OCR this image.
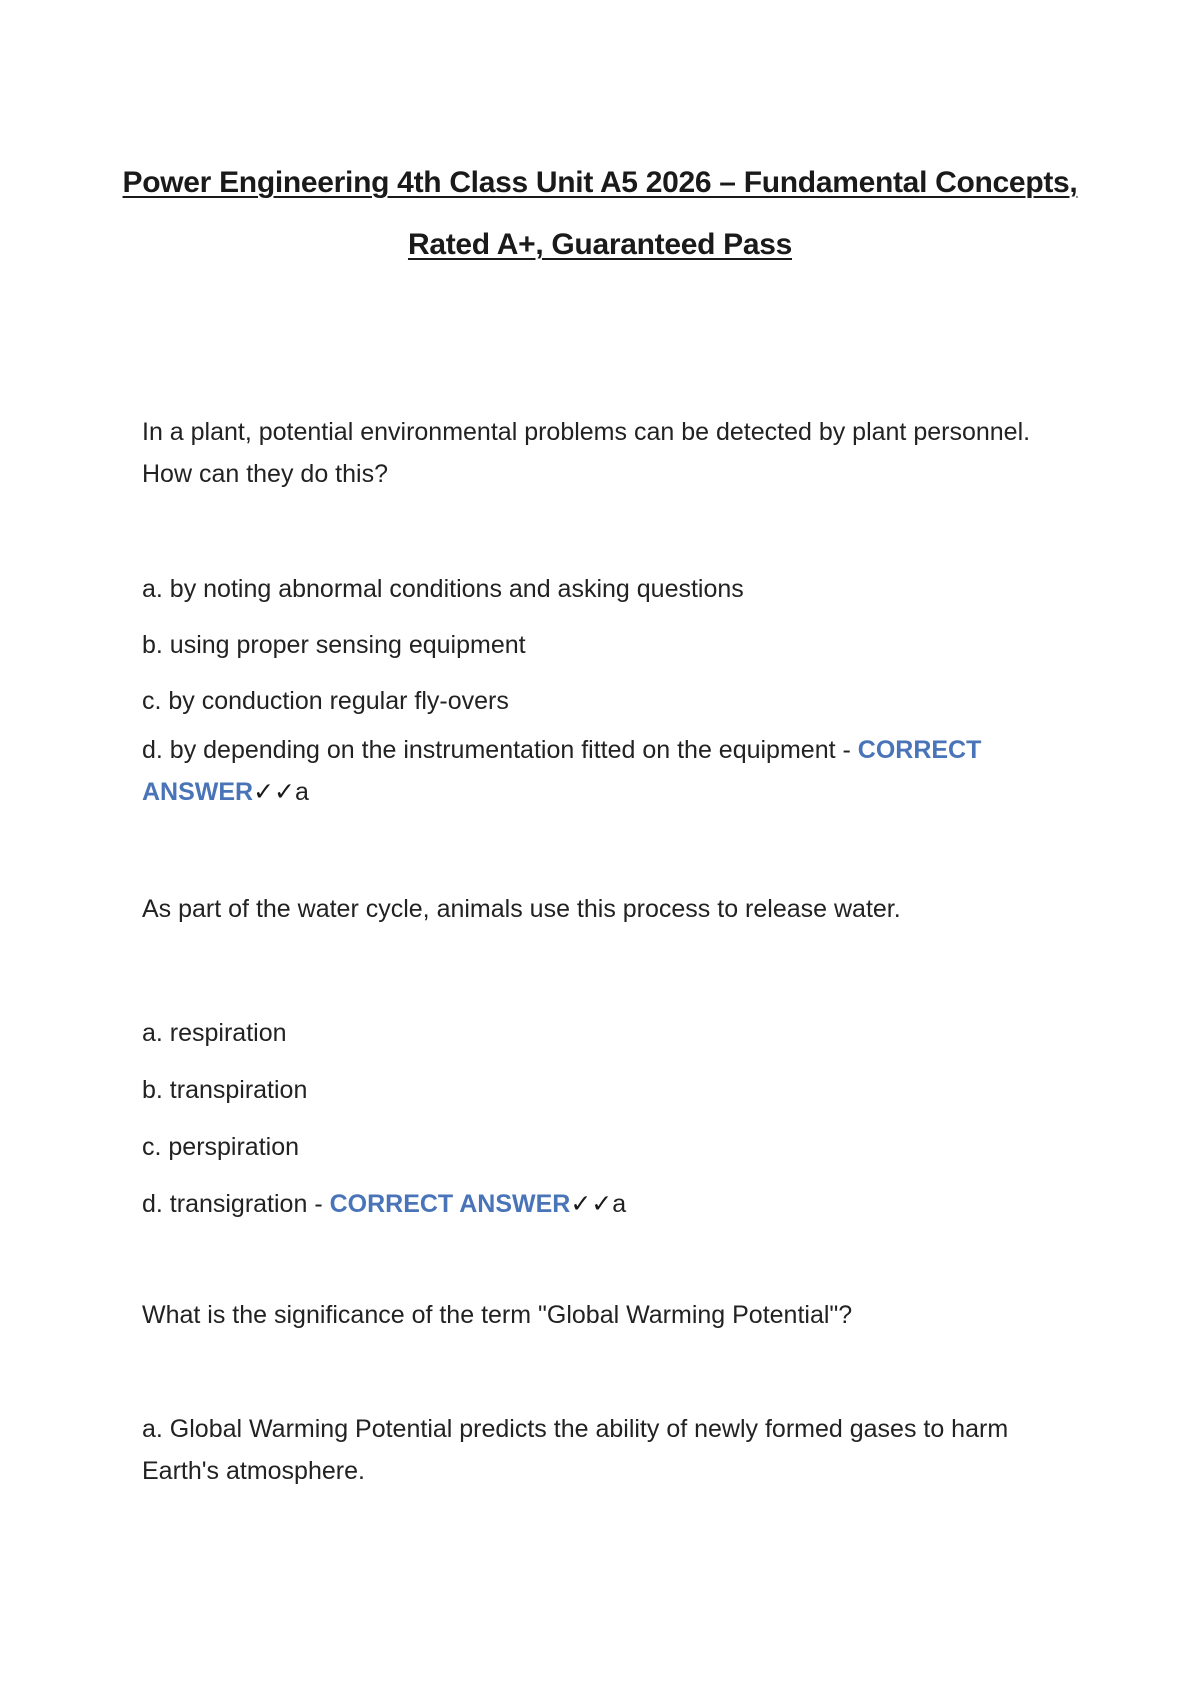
Power Engineering 4th Class Unit A5 2026 – Fundamental Concepts,
Rated A+, Guaranteed Pass
In a plant, potential environmental problems can be detected by plant personnel. How can they do this?
a. by noting abnormal conditions and asking questions
b. using proper sensing equipment
c. by conduction regular fly-overs
d. by depending on the instrumentation fitted on the equipment - CORRECT ANSWER✓✓a
As part of the water cycle, animals use this process to release water.
a. respiration
b. transpiration
c. perspiration
d. transigration - CORRECT ANSWER✓✓a
What is the significance of the term "Global Warming Potential"?
a. Global Warming Potential predicts the ability of newly formed gases to harm Earth's atmosphere.
